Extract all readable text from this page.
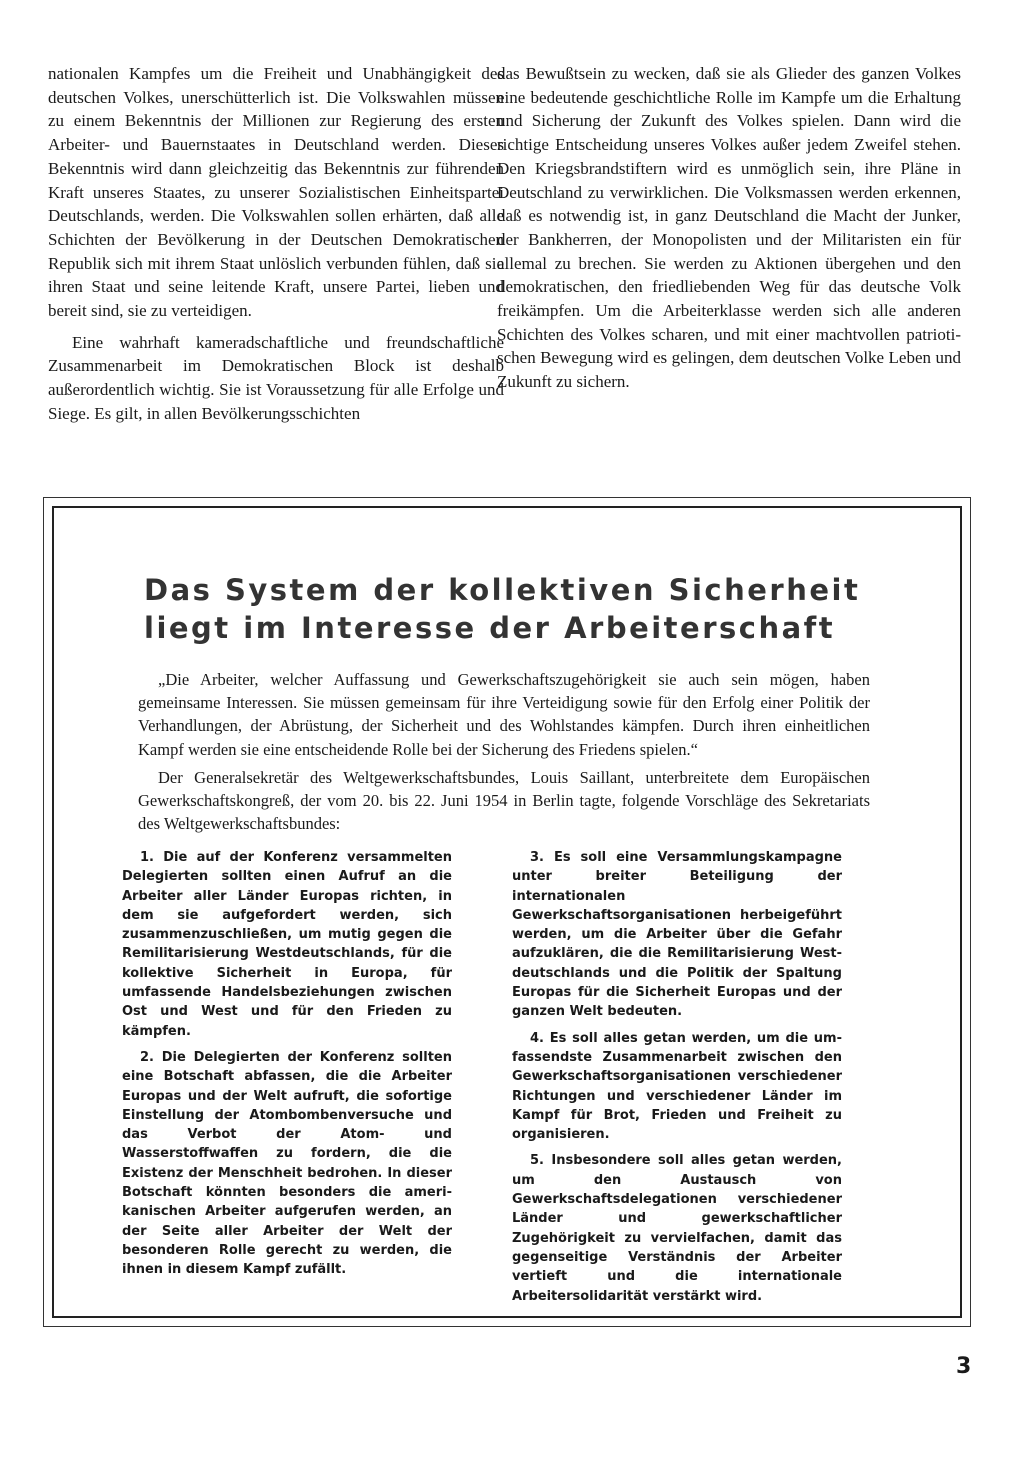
nationalen Kampfes um die Freiheit und Unabhängigkeit des deutschen Volkes, unerschütterlich ist. Die Volkswahlen müssen zu einem Bekenntnis der Millionen zur Regierung des ersten Arbeiter- und Bauernstaates in Deutschland werden. Dieses Bekenntnis wird dann gleichzeitig das Bekenntnis zur führenden Kraft unseres Staates, zu unserer Sozialistischen Einheitspartei Deutschlands, werden. Die Volkswahlen sollen erhärten, daß alle Schichten der Bevölkerung in der Deutschen Demokratischen Republik sich mit ihrem Staat unlöslich verbunden fühlen, daß sie ihren Staat und seine leitende Kraft, unsere Partei, lieben und bereit sind, sie zu verteidigen.

Eine wahrhaft kameradschaftliche und freundschaftliche Zusammenarbeit im Demokratischen Block ist deshalb außerordentlich wichtig. Sie ist Voraussetzung für alle Erfolge und Siege. Es gilt, in allen Bevölkerungsschichten

das Bewußtsein zu wecken, daß sie als Glieder des ganzen Volkes eine bedeutende geschichtliche Rolle im Kampfe um die Erhaltung und Sicherung der Zukunft des Volkes spielen. Dann wird die richtige Entscheidung unseres Volkes außer jedem Zweifel stehen. Den Kriegsbrandstiftern wird es unmöglich sein, ihre Pläne in Deutschland zu verwirklichen. Die Volksmassen werden erkennen, daß es notwendig ist, in ganz Deutschland die Macht der Junker, der Bankherren, der Monopolisten und der Militaristen ein für allemal zu brechen. Sie werden zu Aktionen übergehen und den demokratischen, den friedliebenden Weg für das deutsche Volk freikämpfen. Um die Arbeiterklasse werden sich alle anderen Schichten des Volkes scharen, und mit einer machtvollen patriotischen Bewegung wird es gelingen, dem deutschen Volke Leben und Zukunft zu sichern.

Das System der kollektiven Sicherheit
liegt im Interesse der Arbeiterschaft

„Die Arbeiter, welcher Auffassung und Gewerkschaftszugehörigkeit sie auch sein mögen, haben gemeinsame Interessen. Sie müssen gemeinsam für ihre Verteidigung sowie für den Erfolg einer Politik der Verhandlungen, der Abrüstung, der Sicherheit und des Wohlstandes kämpfen. Durch ihren einheitlichen Kampf werden sie eine entscheidende Rolle bei der Sicherung des Friedens spielen.“

Der Generalsekretär des Weltgewerkschaftsbundes, Louis Saillant, unterbreitete dem Europäischen Gewerkschaftskongreß, der vom 20. bis 22. Juni 1954 in Berlin tagte, folgende Vorschläge des Sekretariats des Weltgewerkschaftsbundes:

1. Die auf der Konferenz versammelten Delegierten sollten einen Aufruf an die Arbeiter aller Länder Europas richten, in dem sie aufgefordert werden, sich zusammenzuschließen, um mutig gegen die Remilitarisierung Westdeutschlands, für die kollektive Sicherheit in Europa, für umfassende Handelsbeziehungen zwischen Ost und West und für den Frieden zu kämpfen.

2. Die Delegierten der Konferenz sollten eine Botschaft abfassen, die die Arbeiter Europas und der Welt aufruft, die sofortige Einstellung der Atombombenversuche und das Verbot der Atom- und Wasserstoffwaffen zu fordern, die die Existenz der Menschheit bedrohen. In dieser Botschaft könnten besonders die amerikanischen Arbeiter aufgerufen werden, an der Seite aller Arbeiter der Welt der besonderen Rolle gerecht zu werden, die ihnen in diesem Kampf zufällt.

3. Es soll eine Versammlungskampagne unter breiter Beteiligung der internationalen Gewerkschaftsorganisationen herbeigeführt werden, um die Arbeiter über die Gefahr aufzuklären, die die Remilitarisierung Westdeutschlands und die Politik der Spaltung Europas für die Sicherheit Europas und der ganzen Welt bedeuten.

4. Es soll alles getan werden, um die umfassendste Zusammenarbeit zwischen den Gewerkschaftsorganisationen verschiedener Richtungen und verschiedener Länder im Kampf für Brot, Frieden und Freiheit zu organisieren.

5. Insbesondere soll alles getan werden, um den Austausch von Gewerkschaftsdelegationen verschiedener Länder und gewerkschaftlicher Zugehörigkeit zu vervielfachen, damit das gegenseitige Verständnis der Arbeiter vertieft und die internationale Arbeitersolidarität verstärkt wird.

3
